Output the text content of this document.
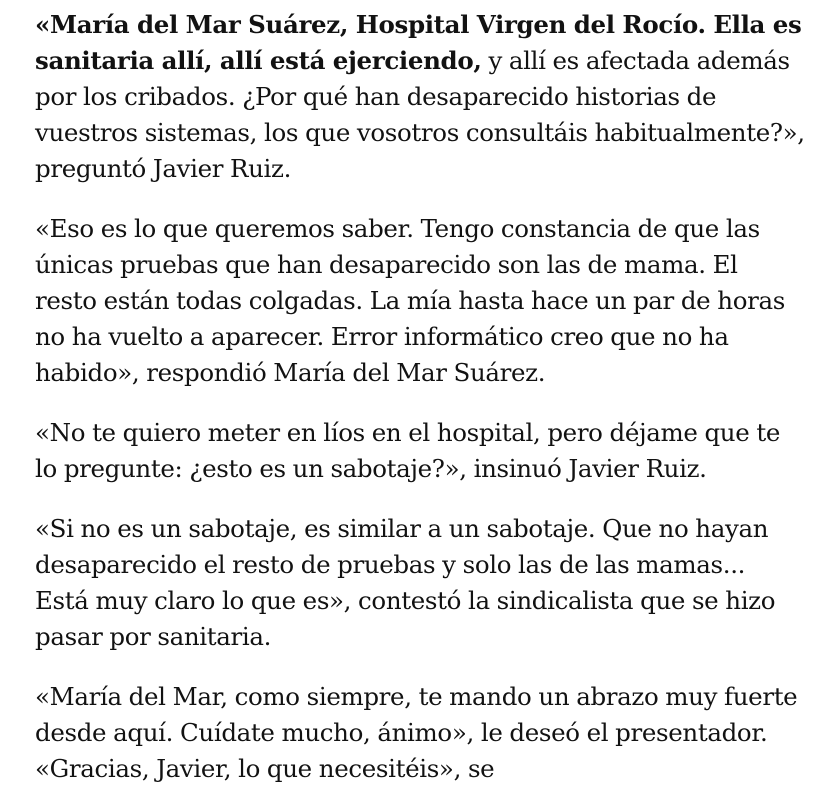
«María del Mar Suárez, Hospital Virgen del Rocío. Ella es sanitaria allí, allí está ejerciendo, y allí es afectada además por los cribados. ¿Por qué han desaparecido historias de vuestros sistemas, los que vosotros consultáis habitualmente?», preguntó Javier Ruiz.

«Eso es lo que queremos saber. Tengo constancia de que las únicas pruebas que han desaparecido son las de mama. El resto están todas colgadas. La mía hasta hace un par de horas no ha vuelto a aparecer. Error informático creo que no ha habido», respondió María del Mar Suárez.

«No te quiero meter en líos en el hospital, pero déjame que te lo pregunte: ¿esto es un sabotaje?», insinuó Javier Ruiz.

«Si no es un sabotaje, es similar a un sabotaje. Que no hayan desaparecido el resto de pruebas y solo las de las mamas... Está muy claro lo que es», contestó la sindicalista que se hizo pasar por sanitaria.

«María del Mar, como siempre, te mando un abrazo muy fuerte desde aquí. Cuídate mucho, ánimo», le deseó el presentador. «Gracias, Javier, lo que necesitéis», se
